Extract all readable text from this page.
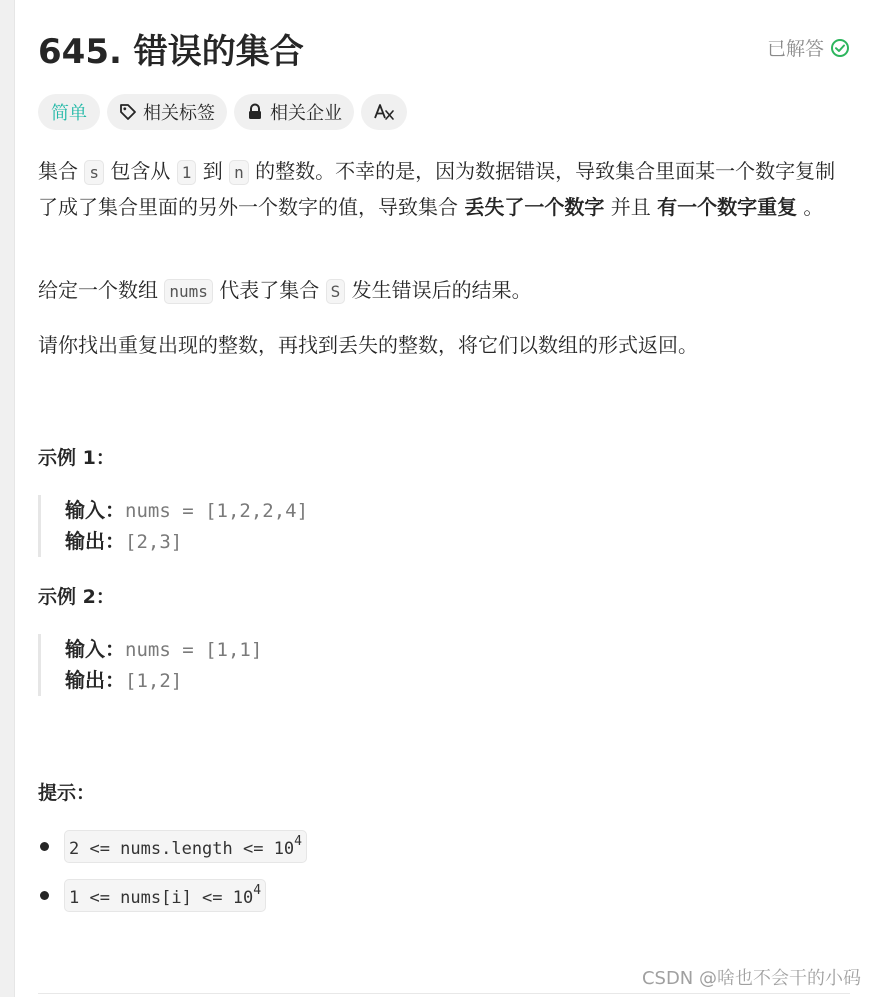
645. 错误的集合	已解答
简单	相关标签	相关企业

集合 s 包含从 1 到 n 的整数。不幸的是，因为数据错误，导致集合里面某一个数字复制了成了集合里面的另外一个数字的值，导致集合 丢失了一个数字 并且 有一个数字重复 。

给定一个数组 nums 代表了集合 S 发生错误后的结果。

请你找出重复出现的整数，再找到丢失的整数，将它们以数组的形式返回。

示例 1：
输入：nums = [1,2,2,4]
输出：[2,3]
示例 2：
输入：nums = [1,1]
输出：[1,2]
提示：
2 <= nums.length <= $10^4$
1 <= nums[i] <= $10^4$
CSDN @啥也不会干的小码
